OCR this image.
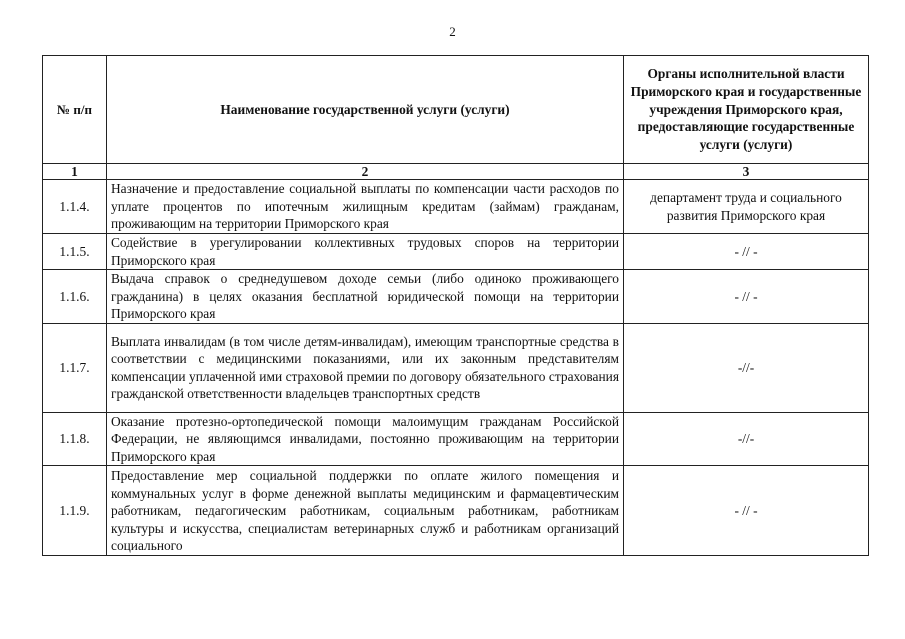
2
№ п/п	Наименование государственной услуги (услуги)	Органы исполнительной власти Приморского края и государственные учреждения Приморского края, предоставляющие государственные услуги (услуги)
1	2	3
1.1.4.	Назначение и предоставление социальной выплаты по компенсации части расходов по уплате процентов по ипотечным жилищным кредитам (займам) гражданам, проживающим на территории Приморского края	департамент труда и социального развития Приморского края
1.1.5.	Содействие в урегулировании коллективных трудовых споров на территории Приморского края	- // -
1.1.6.	Выдача справок о среднедушевом доходе семьи (либо одиноко проживающего гражданина) в целях оказания бесплатной юридической помощи на территории Приморского края	- // -
1.1.7.	Выплата инвалидам (в том числе детям-инвалидам), имеющим транспортные средства в соответствии с медицинскими показаниями, или их законным представителям компенсации уплаченной ими страховой премии по договору обязательного страхования гражданской ответственности владельцев транспортных средств	-//-
1.1.8.	Оказание протезно-ортопедической помощи малоимущим гражданам Российской Федерации, не являющимся инвалидами, постоянно проживающим на территории Приморского края	-//-
1.1.9.	Предоставление мер социальной поддержки по оплате жилого помещения и коммунальных услуг в форме денежной выплаты медицинским и фармацевтическим работникам, педагогическим работникам, социальным работникам, работникам культуры и искусства, специалистам ветеринарных служб и работникам организаций социального	- // -
